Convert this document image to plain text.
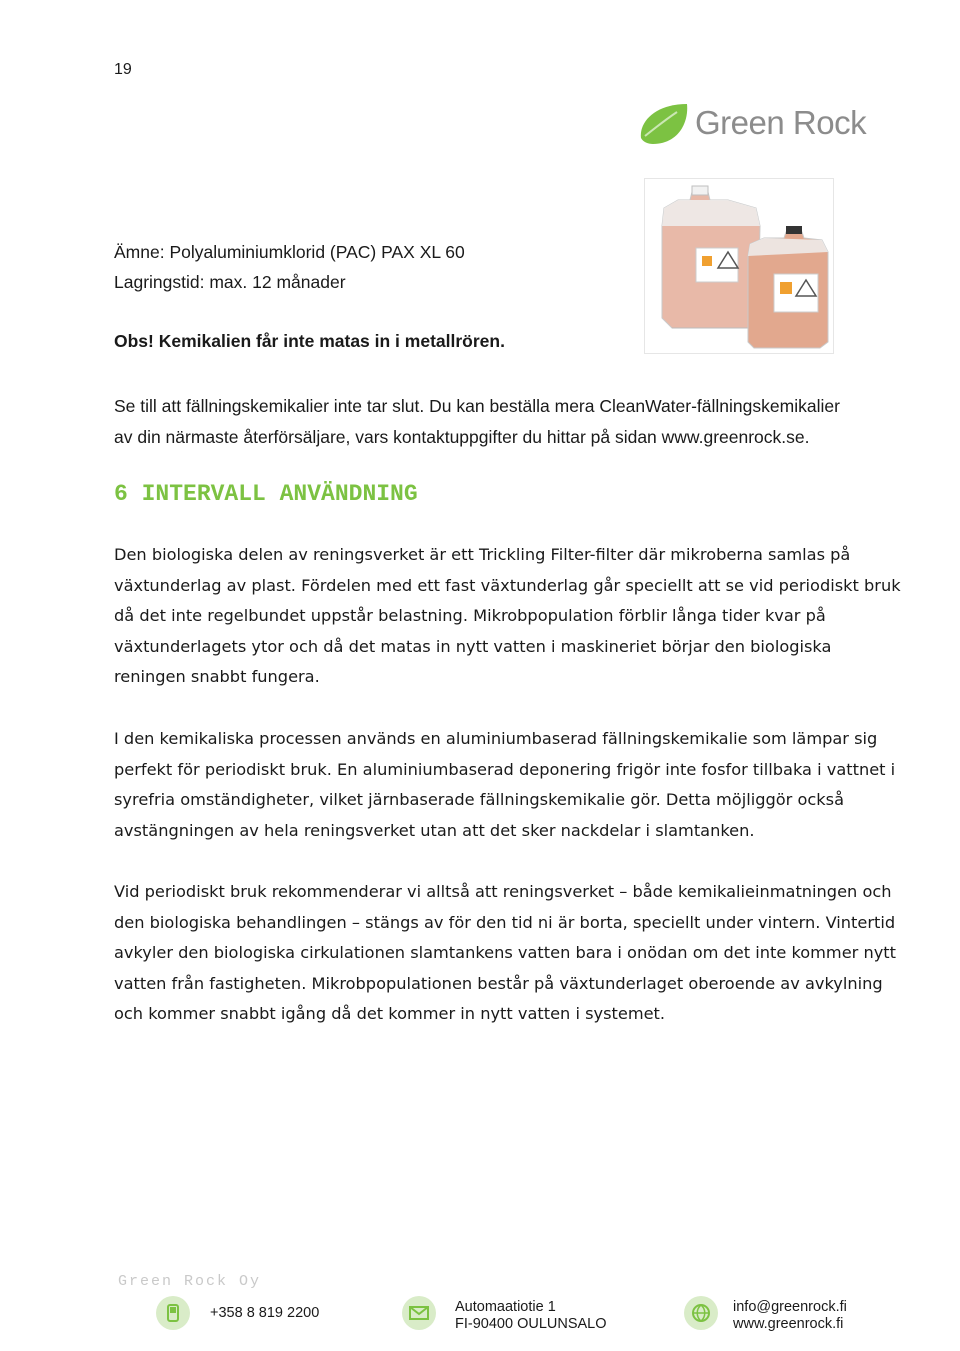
19
Green Rock
Ämne: Polyaluminiumklorid (PAC) PAX XL 60
Lagringstid: max. 12 månader
Obs! Kemikalien får inte matas in i metallrören.
Se till att fällningskemikalier inte tar slut. Du kan beställa mera CleanWater-fällningskemikalier
av din närmaste återförsäljare, vars kontaktuppgifter du hittar på sidan www.greenrock.se.
6 INTERVALL ANVÄNDNING
Den biologiska delen av reningsverket är ett Trickling Filter-filter där mikroberna samlas på växtunderlag av plast. Fördelen med ett fast växtunderlag går speciellt att se vid periodiskt bruk då det inte regelbundet uppstår belastning. Mikrobpopulation förblir långa tider kvar på växtunderlagets ytor och då det matas in nytt vatten i maskineriet börjar den biologiska reningen snabbt fungera.
I den kemikaliska processen används en aluminiumbaserad fällningskemikalie som lämpar sig perfekt för periodiskt bruk. En aluminiumbaserad deponering frigör inte fosfor tillbaka i vattnet i syrefria omständigheter, vilket järnbaserade fällningskemikalie gör. Detta möjliggör också avstängningen av hela reningsverket utan att det sker nackdelar i slamtanken.
Vid periodiskt bruk rekommenderar vi alltså att reningsverket – både kemikalieinmatningen och den biologiska behandlingen – stängs av för den tid ni är borta, speciellt under vintern. Vintertid avkyler den biologiska cirkulationen slamtankens vatten bara i onödan om det inte kommer nytt vatten från fastigheten. Mikrobpopulationen består på växtunderlaget oberoende av avkylning och kommer snabbt igång då det kommer in nytt vatten i systemet.
Green Rock Oy
+358 8 819 2200	Automaatiotie 1
FI-90400 OULUNSALO
info@greenrock.fi
www.greenrock.fi
